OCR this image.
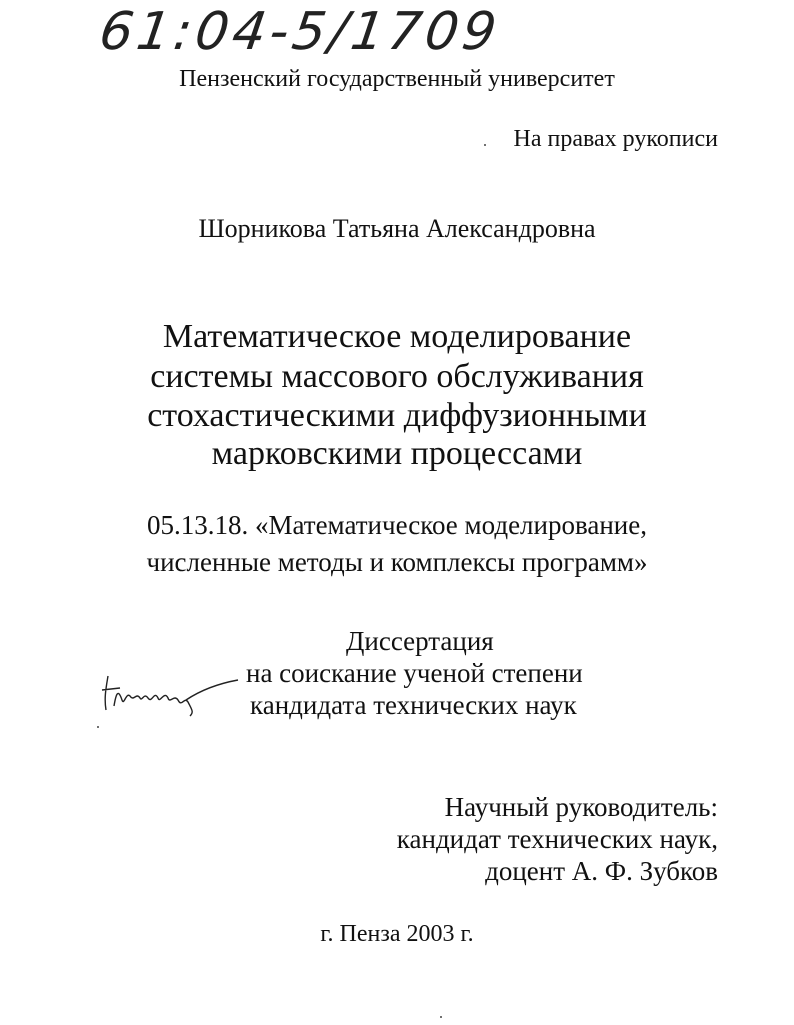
61:04-5/1709
Пензенский государственный университет
На правах рукописи
Шорникова Татьяна Александровна
Математическое моделирование
системы массового обслуживания
стохастическими диффузионными
марковскими процессами
05.13.18. «Математическое моделирование,
численные методы и комплексы программ»
Диссертация
на соискание ученой степени
кандидата технических наук
Научный руководитель:
кандидат технических наук,
доцент А. Ф. Зубков
г. Пенза 2003 г.
